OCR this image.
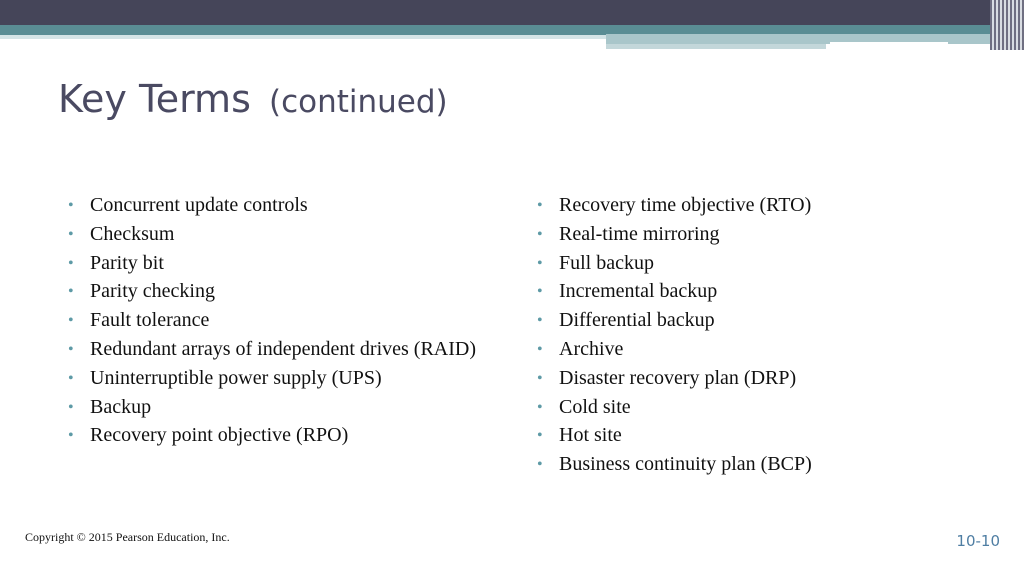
Key Terms (continued)
• Concurrent update controls
• Checksum
• Parity bit
• Parity checking
• Fault tolerance
• Redundant arrays of independent drives (RAID)
• Uninterruptible power supply (UPS)
• Backup
• Recovery point objective (RPO)
• Recovery time objective (RTO)
• Real-time mirroring
• Full backup
• Incremental backup
• Differential backup
• Archive
• Disaster recovery plan (DRP)
• Cold site
• Hot site
• Business continuity plan (BCP)
Copyright © 2015 Pearson Education, Inc.	10-10
